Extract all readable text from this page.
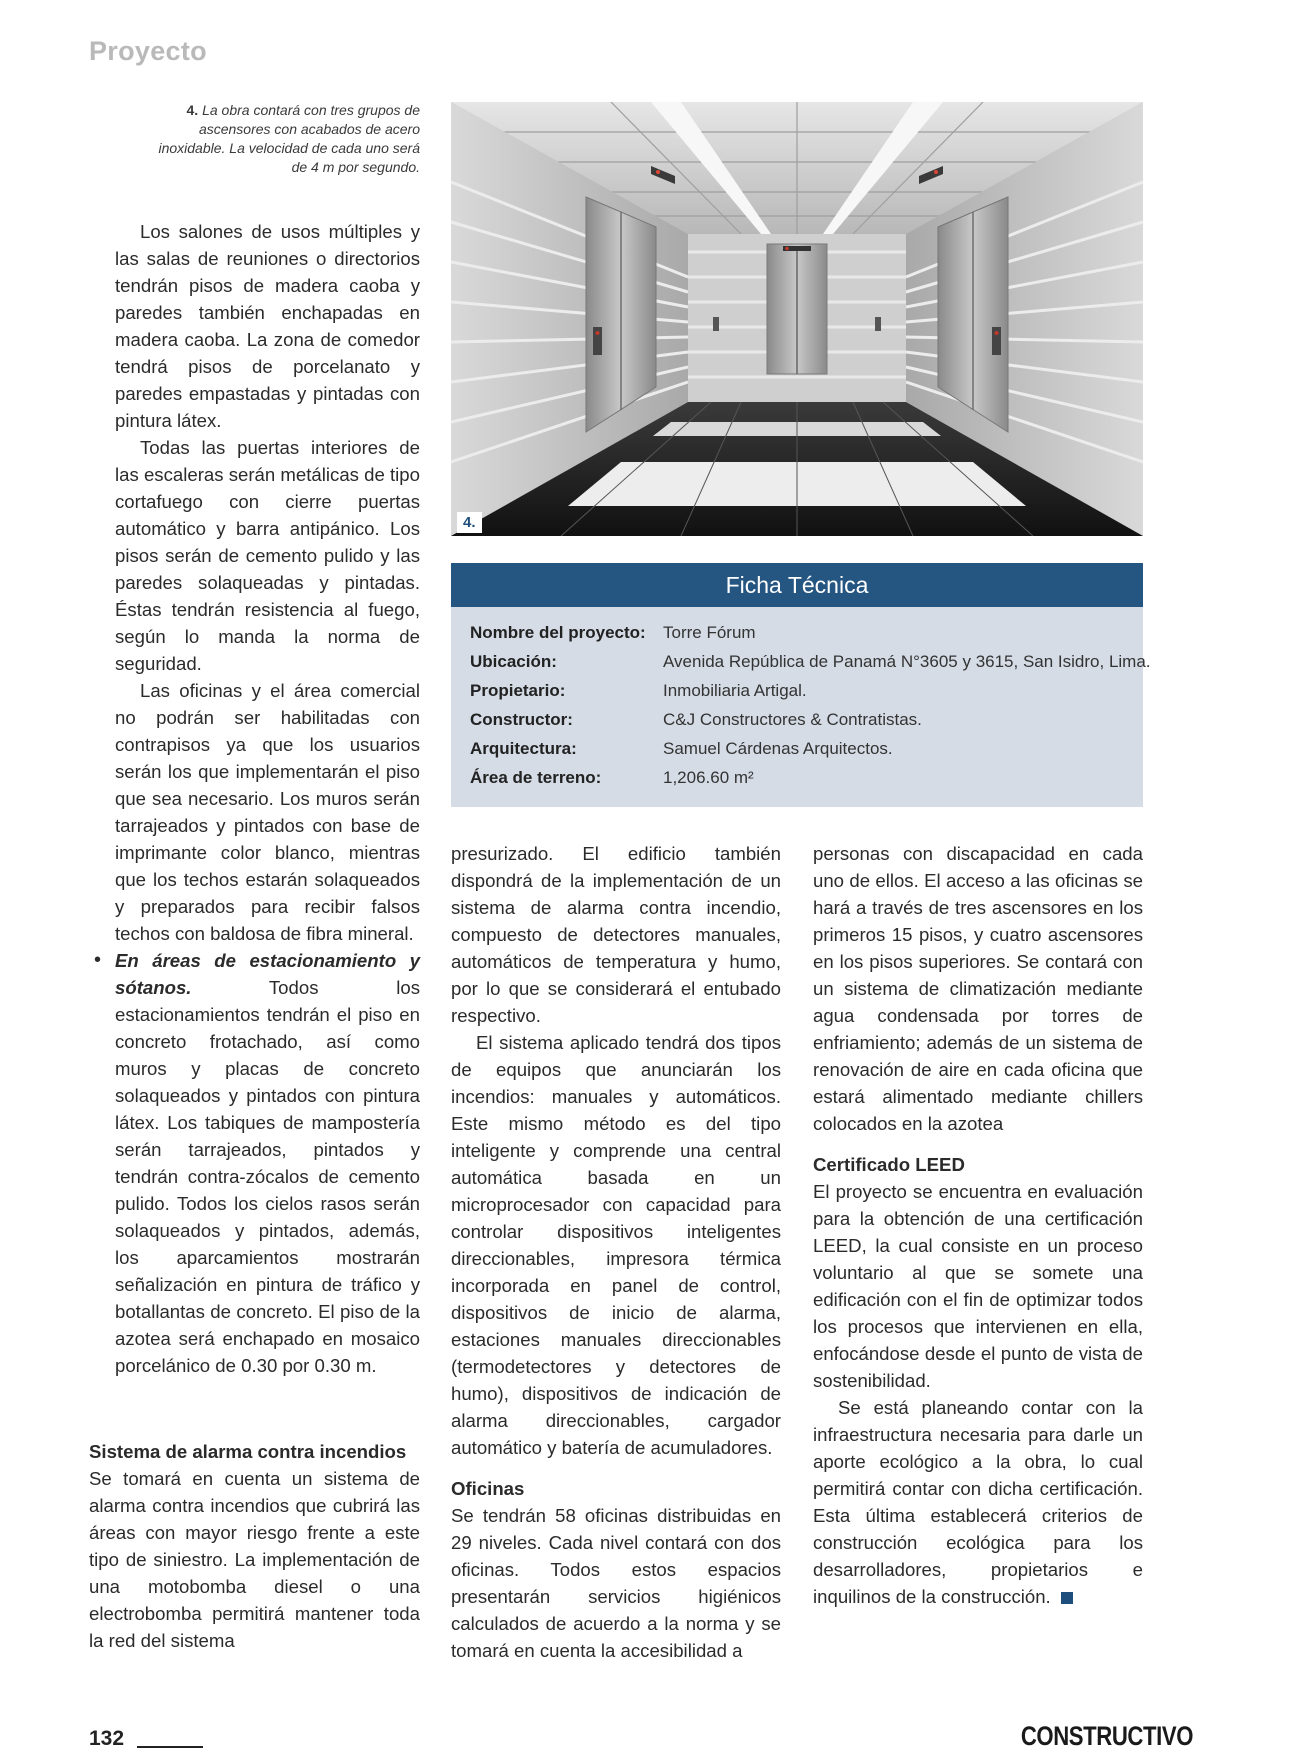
Proyecto
4. La obra contará con tres grupos de ascensores con acabados de acero inoxidable. La velocidad de cada uno será de 4 m por segundo.

Los salones de usos múltiples y las salas de reuniones o directorios tendrán pisos de madera caoba y paredes también enchapadas en madera caoba. La zona de comedor tendrá pisos de porcelanato y paredes empastadas y pintadas con pintura látex.

Todas las puertas interiores de las escaleras serán metálicas de tipo cortafuego con cierre puertas automático y barra antipánico. Los pisos serán de cemento pulido y las paredes solaqueadas y pintadas. Éstas tendrán resistencia al fuego, según lo manda la norma de seguridad.

Las oficinas y el área comercial no podrán ser habilitadas con contrapisos ya que los usuarios serán los que implementarán el piso que sea necesario. Los muros serán tarrajeados y pintados con base de imprimante color blanco, mientras que los techos estarán solaqueados y preparados para recibir falsos techos con baldosa de fibra mineral.

• En áreas de estacionamiento y sótanos. Todos los estacionamientos tendrán el piso en concreto frotachado, así como muros y placas de concreto solaqueados y pintados con pintura látex. Los tabiques de mampostería serán tarrajeados, pintados y tendrán contra-zócalos de cemento pulido. Todos los cielos rasos serán solaqueados y pintados, además, los aparcamientos mostrarán señalización en pintura de tráfico y botallantas de concreto. El piso de la azotea será enchapado en mosaico porcelánico de 0.30 por 0.30 m.
Sistema de alarma contra incendios

Se tomará en cuenta un sistema de alarma contra incendios que cubrirá las áreas con mayor riesgo frente a este tipo de siniestro. La implementación de una motobomba diesel o una electrobomba permitirá mantener toda la red del sistema

4.
Ficha Técnica
Nombre del proyecto:	Torre Fórum
Ubicación:	Avenida República de Panamá N°3605 y 3615, San Isidro, Lima.
Propietario:	Inmobiliaria Artigal.
Constructor:	C&J Constructores & Contratistas.
Arquitectura:	Samuel Cárdenas Arquitectos.
Área de terreno:	1,206.60 m²

presurizado. El edificio también dispondrá de la implementación de un sistema de alarma contra incendio, compuesto de detectores manuales, automáticos de temperatura y humo, por lo que se considerará el entubado respectivo.

El sistema aplicado tendrá dos tipos de equipos que anunciarán los incendios: manuales y automáticos. Este mismo método es del tipo inteligente y comprende una central automática basada en un microprocesador con capacidad para controlar dispositivos inteligentes direccionables, impresora térmica incorporada en panel de control, dispositivos de inicio de alarma, estaciones manuales direccionables (termodetectores y detectores de humo), dispositivos de indicación de alarma direccionables, cargador automático y batería de acumuladores.

Oficinas

Se tendrán 58 oficinas distribuidas en 29 niveles. Cada nivel contará con dos oficinas. Todos estos espacios presentarán servicios higiénicos calculados de acuerdo a la norma y se tomará en cuenta la accesibilidad a

personas con discapacidad en cada uno de ellos. El acceso a las oficinas se hará a través de tres ascensores en los primeros 15 pisos, y cuatro ascensores en los pisos superiores. Se contará con un sistema de climatización mediante agua condensada por torres de enfriamiento; además de un sistema de renovación de aire en cada oficina que estará alimentado mediante chillers colocados en la azotea

Certificado LEED

El proyecto se encuentra en evaluación para la obtención de una certificación LEED, la cual consiste en un proceso voluntario al que se somete una edificación con el fin de optimizar todos los procesos que intervienen en ella, enfocándose desde el punto de vista de sostenibilidad.

Se está planeando contar con la infraestructura necesaria para darle un aporte ecológico a la obra, lo cual permitirá contar con dicha certificación. Esta última establecerá criterios de construcción ecológica para los desarrolladores, propietarios e inquilinos de la construcción.

132	CONSTRUCTIVO
